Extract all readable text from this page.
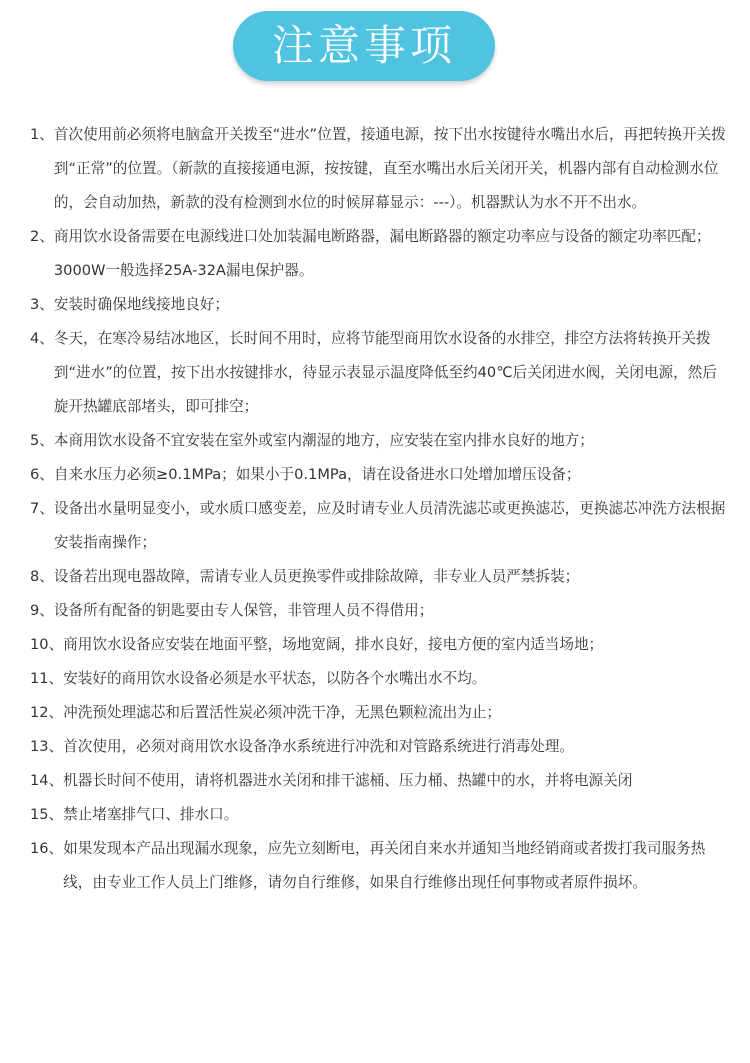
注意事项
1、 首次使用前必须将电脑盒开关拨至“进水”位置，接通电源，按下出水按键待水嘴出水后，再把转换开关拨到“正常”的位置。（新款的直接接通电源，按按键，直至水嘴出水后关闭开关，机器内部有自动检测水位的，会自动加热，新款的没有检测到水位的时候屏幕显示：---）。机器默认为水不开不出水。
2、 商用饮水设备需要在电源线进口处加装漏电断路器，漏电断路器的额定功率应与设备的额定功率匹配；3000W一般选择25A-32A漏电保护器。
3、 安装时确保地线接地良好；
4、 冬天，在寒冷易结冰地区，长时间不用时，应将节能型商用饮水设备的水排空，排空方法将转换开关拨到“进水”的位置，按下出水按键排水，待显示表显示温度降低至约40℃后关闭进水阀，关闭电源，然后旋开热罐底部堵头，即可排空；
5、 本商用饮水设备不宜安装在室外或室内潮湿的地方，应安装在室内排水良好的地方；
6、 自来水压力必须≥0.1MPa；如果小于0.1MPa，请在设备进水口处增加增压设备；
7、 设备出水量明显变小，或水质口感变差，应及时请专业人员清洗滤芯或更换滤芯，更换滤芯冲洗方法根据安装指南操作；
8、 设备若出现电器故障，需请专业人员更换零件或排除故障，非专业人员严禁拆装；
9、 设备所有配备的钥匙要由专人保管，非管理人员不得借用；
10、 商用饮水设备应安装在地面平整，场地宽阔，排水良好，接电方便的室内适当场地；
11、 安装好的商用饮水设备必须是水平状态，以防各个水嘴出水不均。
12、 冲洗预处理滤芯和后置活性炭必须冲洗干净，无黑色颗粒流出为止；
13、 首次使用，必须对商用饮水设备净水系统进行冲洗和对管路系统进行消毒处理。
14、 机器长时间不使用，请将机器进水关闭和排干滤桶、压力桶、热罐中的水，并将电源关闭
15、 禁止堵塞排气口、排水口。
16、 如果发现本产品出现漏水现象，应先立刻断电，再关闭自来水并通知当地经销商或者拨打我司服务热线，由专业工作人员上门维修，请勿自行维修，如果自行维修出现任何事物或者原件损坏。
